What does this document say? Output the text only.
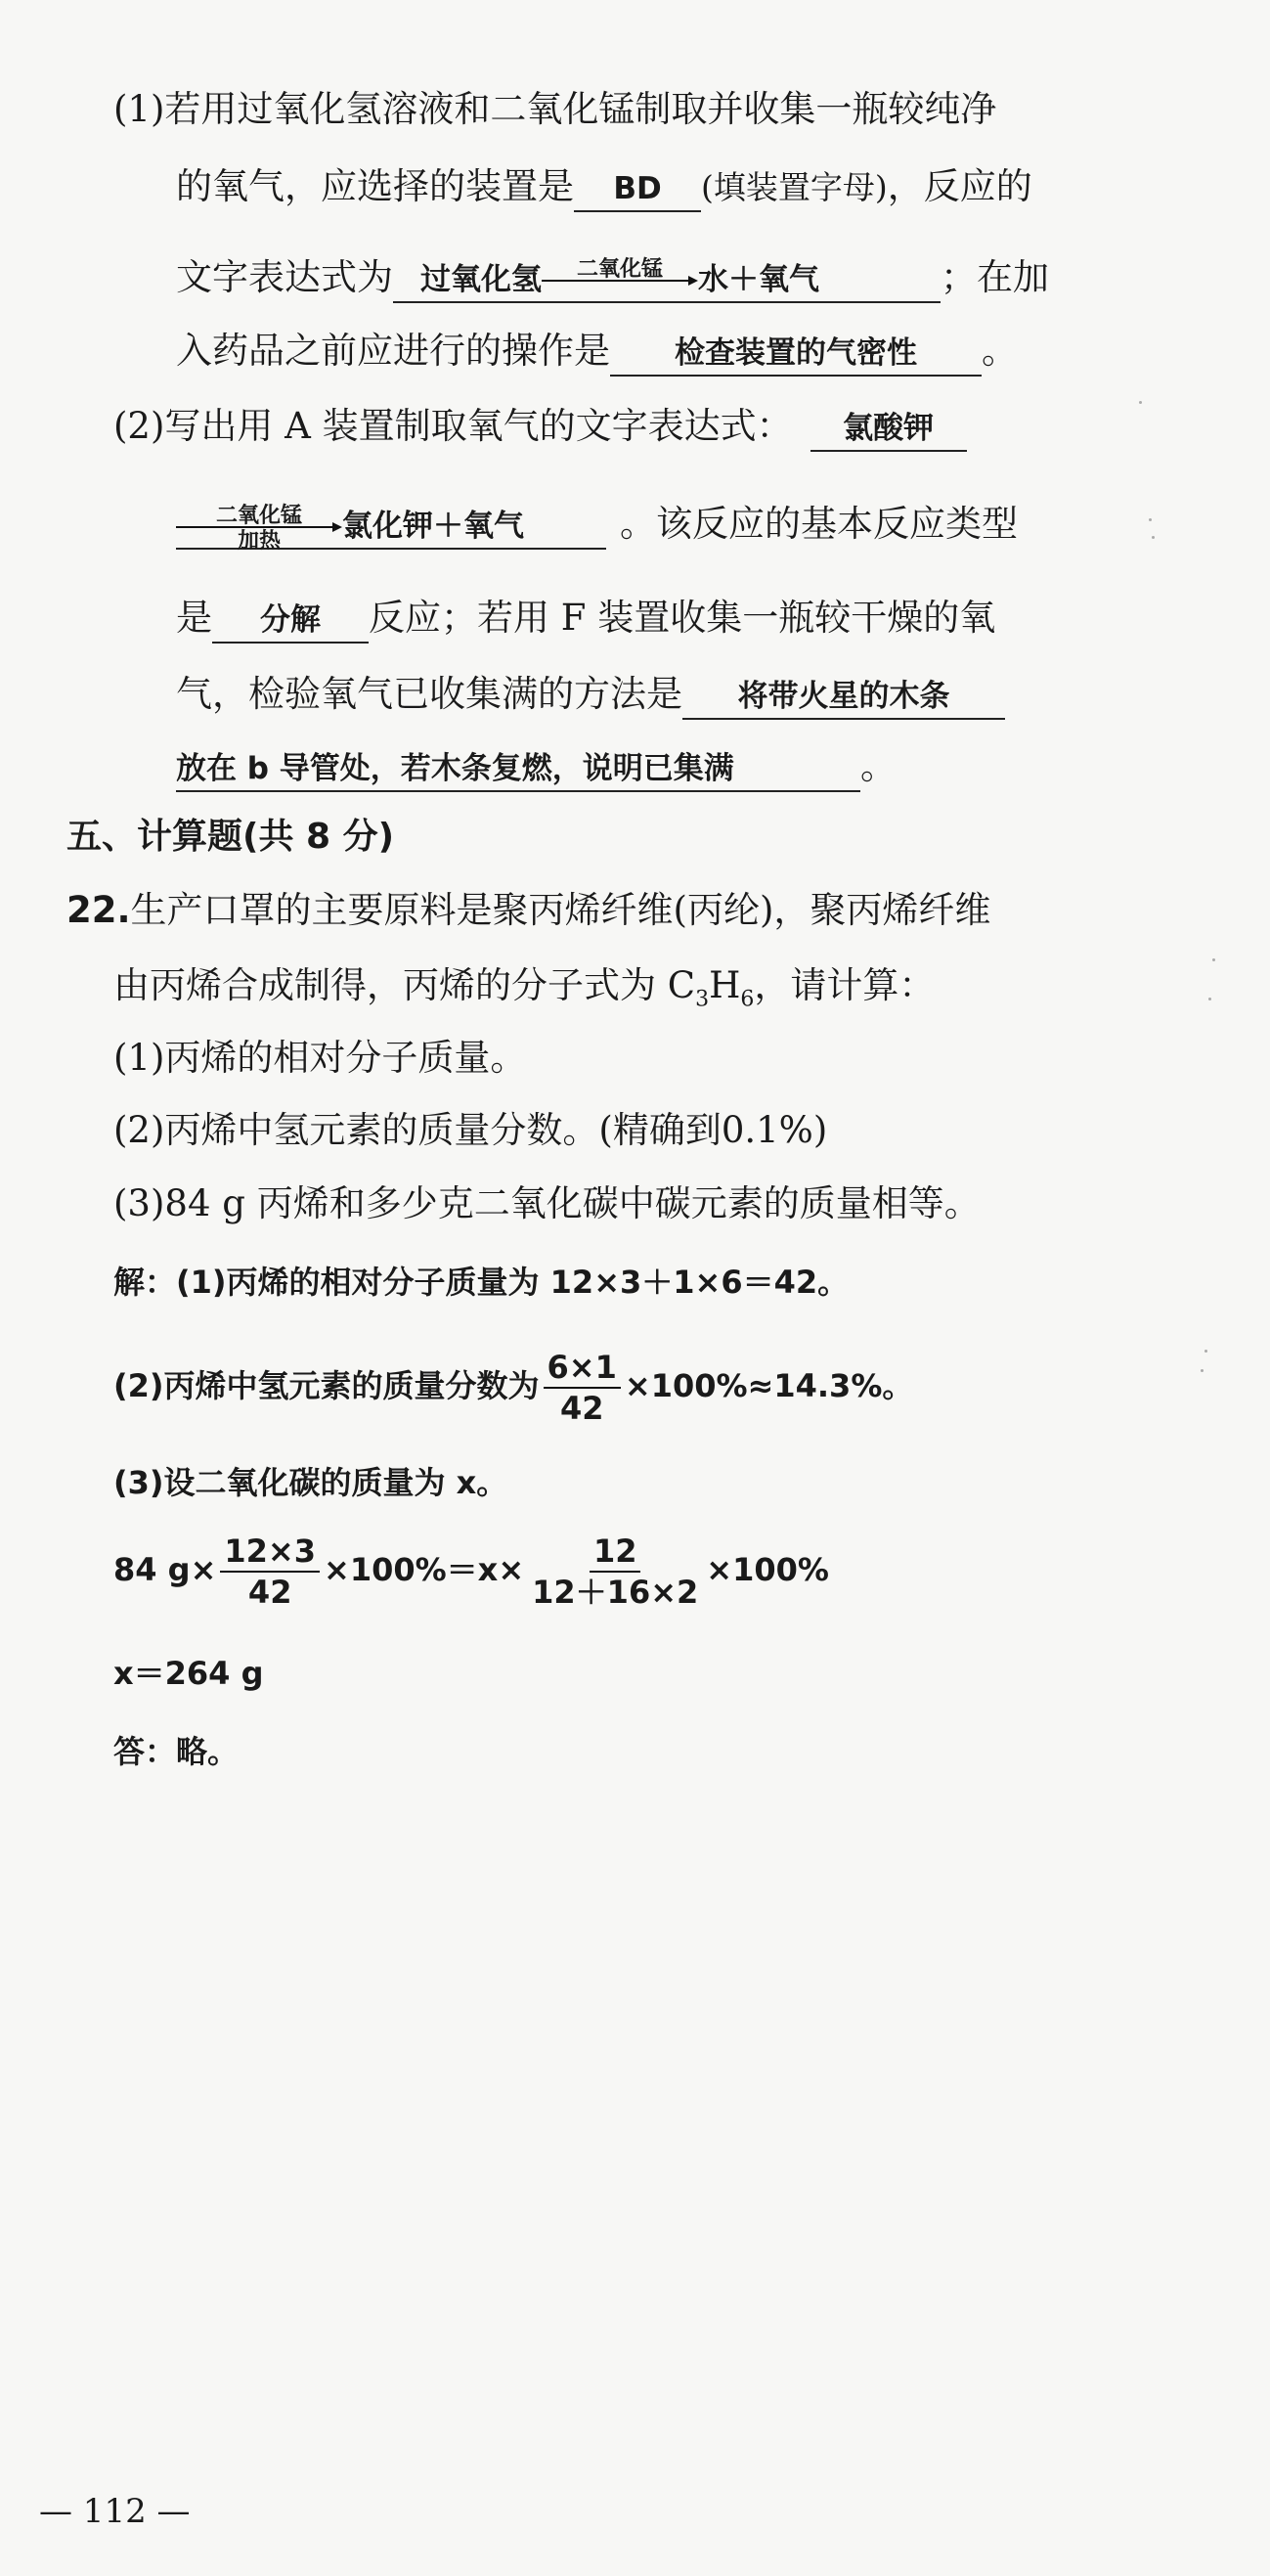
(1)若用过氧化氢溶液和二氧化锰制取并收集一瓶较纯净
的氧气，应选择的装置是 BD (填装置字母)，反应的
文字表达式为 过氧化氢	二氧化锰	水＋氧气	；在加
入药品之前应进行的操作是 检查装置的气密性 。
(2)写出用 A 装置制取氧气的文字表达式： 氯酸钾
二氧化锰
加热	氯化钾＋氧气	。该反应的基本反应类型
是 分解 反应；若用 F 装置收集一瓶较干燥的氧
气，检验氧气已收集满的方法是 将带火星的木条
放在 b 导管处，若木条复燃，说明已集满	。
五、计算题(共 8 分)
22.生产口罩的主要原料是聚丙烯纤维(丙纶)，聚丙烯纤维
由丙烯合成制得，丙烯的分子式为 $C_3H_6$，请计算：
(1)丙烯的相对分子质量。
(2)丙烯中氢元素的质量分数。(精确到0.1%)
(3)84 g 丙烯和多少克二氧化碳中碳元素的质量相等。
解：(1)丙烯的相对分子质量为 12×3＋1×6＝42。
(2)丙烯中氢元素的质量分数为 $\frac{6\times 1}{42} \times 100\%\approx 14.3\%$。
(3)设二氧化碳的质量为 x。
84 $g\times \frac{12\times 3}{42} \times 100\%=x\times \frac{12}{12+16\times 2} \times 100\%$
x＝264 g
答：略。
— 112 —
